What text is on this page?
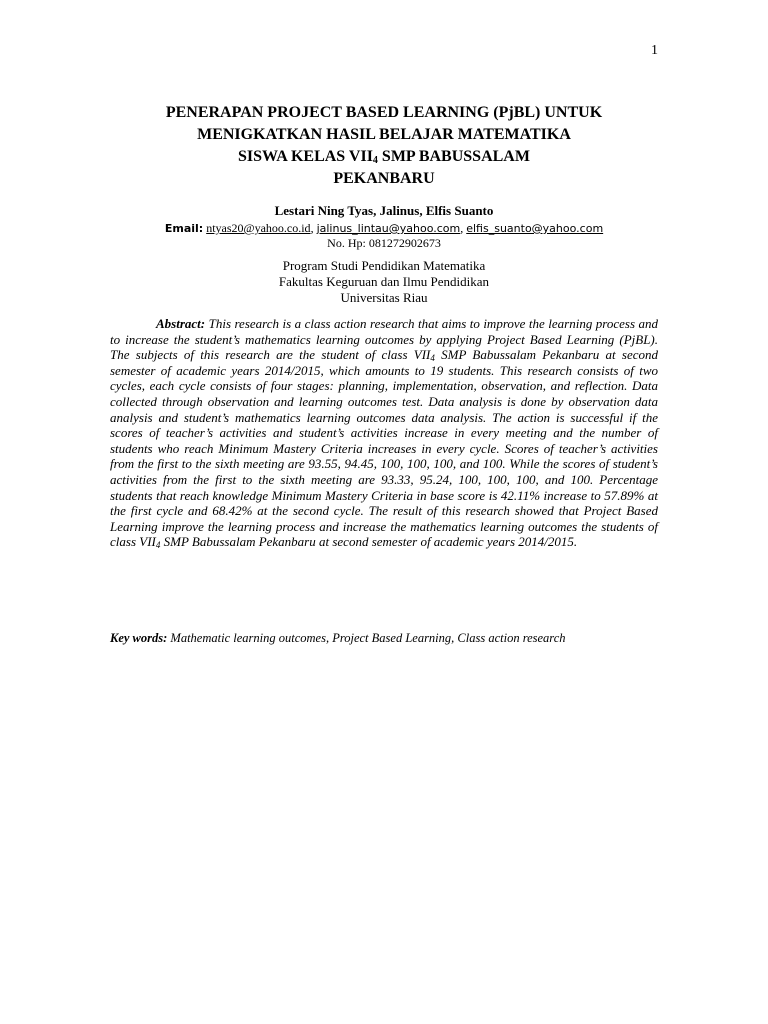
1
PENERAPAN PROJECT BASED LEARNING (PjBL) UNTUK
MENIGKATKAN HASIL BELAJAR MATEMATIKA
SISWA KELAS $VII_4$ SMP BABUSSALAM
PEKANBARU
Lestari Ning Tyas, Jalinus, Elfis Suanto
Email: ntyas20@yahoo.co.id, jalinus_lintau@yahoo.com, elfis_suanto@yahoo.com
No. Hp: 081272902673
Program Studi Pendidikan Matematika
Fakultas Keguruan dan Ilmu Pendidikan
Universitas Riau
Abstract: This research is a class action research that aims to improve the learning process and to increase the student’s mathematics learning outcomes by applying Project Based Learning (PjBL). The subjects of this research are the student of class $VII_4$ SMP Babussalam Pekanbaru at second semester of academic years 2014/2015, which amounts to 19 students. This research consists of two cycles, each cycle consists of four stages: planning, implementation, observation, and reflection. Data collected through observation and learning outcomes test. Data analysis is done by observation data analysis and student’s mathematics learning outcomes data analysis. The action is successful if the scores of teacher’s activities and student’s activities increase in every meeting and the number of students who reach Minimum Mastery Criteria increases in every cycle. Scores of teacher’s activities from the first to the sixth meeting are 93.55, 94.45, 100, 100, 100, and 100. While the scores of student’s activities from the first to the sixth meeting are 93.33, 95.24, 100, 100, 100, and 100. Percentage students that reach knowledge Minimum Mastery Criteria in base score is 42.11% increase to 57.89% at the first cycle and 68.42% at the second cycle. The result of this research showed that Project Based Learning improve the learning process and increase the mathematics learning outcomes the students of class $VII_4$ SMP Babussalam Pekanbaru at second semester of academic years 2014/2015.
Key words: Mathematic learning outcomes, Project Based Learning, Class action research
